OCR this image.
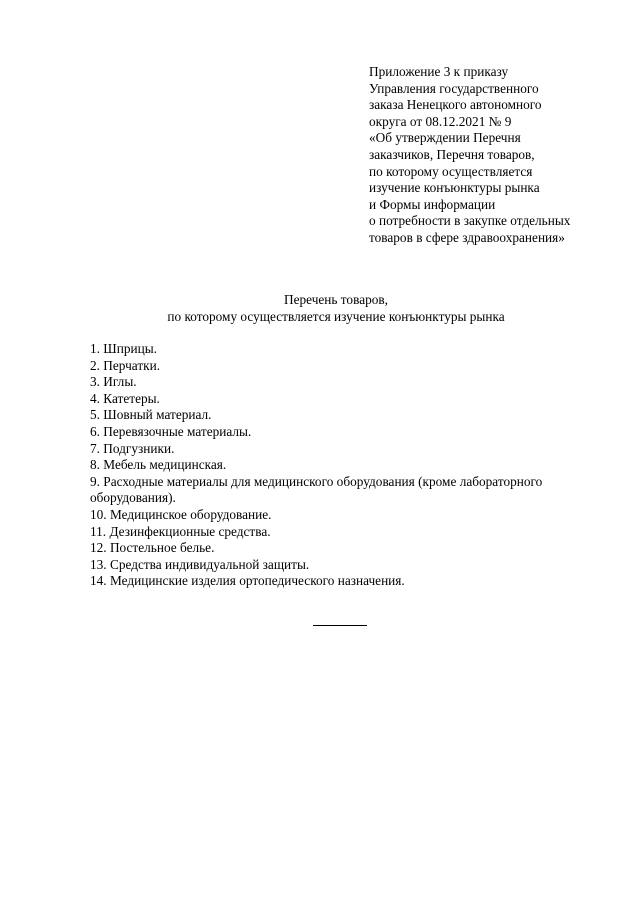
Приложение 3 к приказу
Управления государственного
заказа Ненецкого автономного
округа от 08.12.2021 № 9
«Об утверждении Перечня
заказчиков, Перечня товаров,
по которому осуществляется
изучение конъюнктуры рынка
и Формы информации
о потребности в закупке отдельных
товаров в сфере здравоохранения»
Перечень товаров,
по которому осуществляется изучение конъюнктуры рынка
1. Шприцы.
2. Перчатки.
3. Иглы.
4. Катетеры.
5. Шовный материал.
6. Перевязочные материалы.
7. Подгузники.
8. Мебель медицинская.
9. Расходные материалы для медицинского оборудования (кроме лабораторного
оборудования).
10. Медицинское оборудование.
11. Дезинфекционные средства.
12. Постельное белье.
13. Средства индивидуальной защиты.
14. Медицинские изделия ортопедического назначения.
